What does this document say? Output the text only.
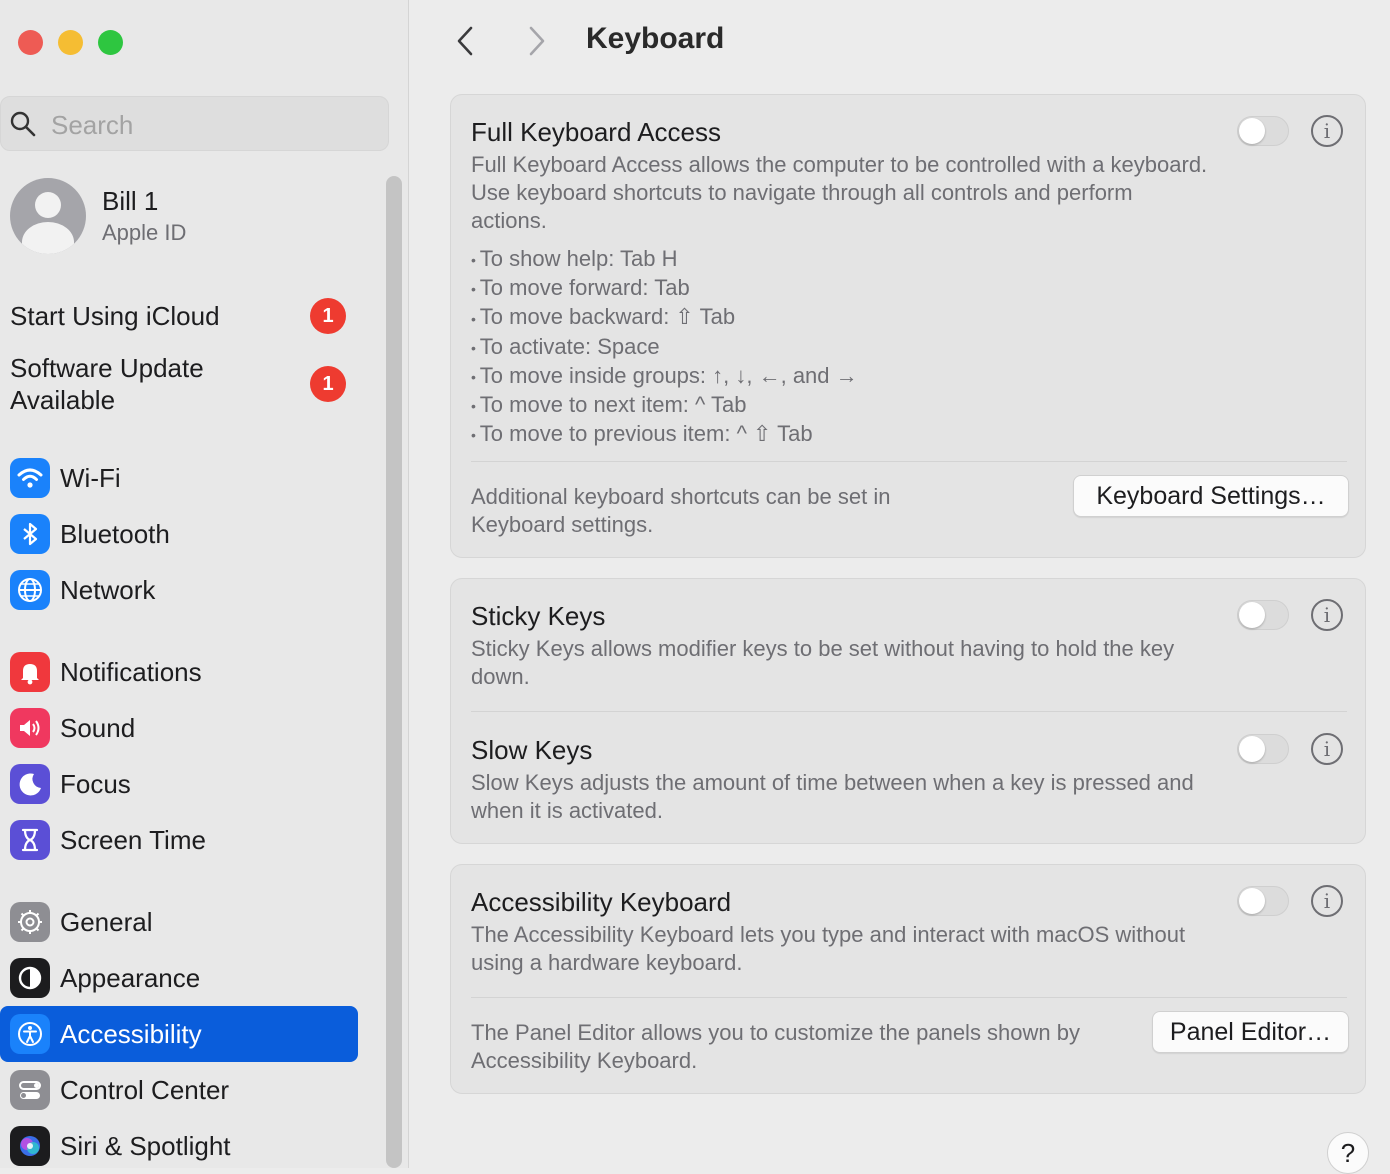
Search
Bill 1
Apple ID
Start Using iCloud	1
Software Update Available
1
Wi-Fi
Bluetooth
Network
Notifications
Sound
Focus
Screen Time
General
Appearance
Accessibility
Control Center
Siri & Spotlight
Keyboard
Full Keyboard Access	i
Full Keyboard Access allows the computer to be controlled with a keyboard. Use keyboard shortcuts to navigate through all controls and perform actions.
• To show help: Tab H
• To move forward: Tab
• To move backward: ⇧ Tab
• To activate: Space
• To move inside groups: ↑, ↓, ←, and →
• To move to next item: ^ Tab
• To move to previous item: ^ ⇧ Tab
Additional keyboard shortcuts can be set in Keyboard settings.
Keyboard Settings…
Sticky Keys	i
Sticky Keys allows modifier keys to be set without having to hold the key down.
Slow Keys	i
Slow Keys adjusts the amount of time between when a key is pressed and when it is activated.
Accessibility Keyboard	i
The Accessibility Keyboard lets you type and interact with macOS without using a hardware keyboard.
The Panel Editor allows you to customize the panels shown by Accessibility Keyboard.
Panel Editor…
?
